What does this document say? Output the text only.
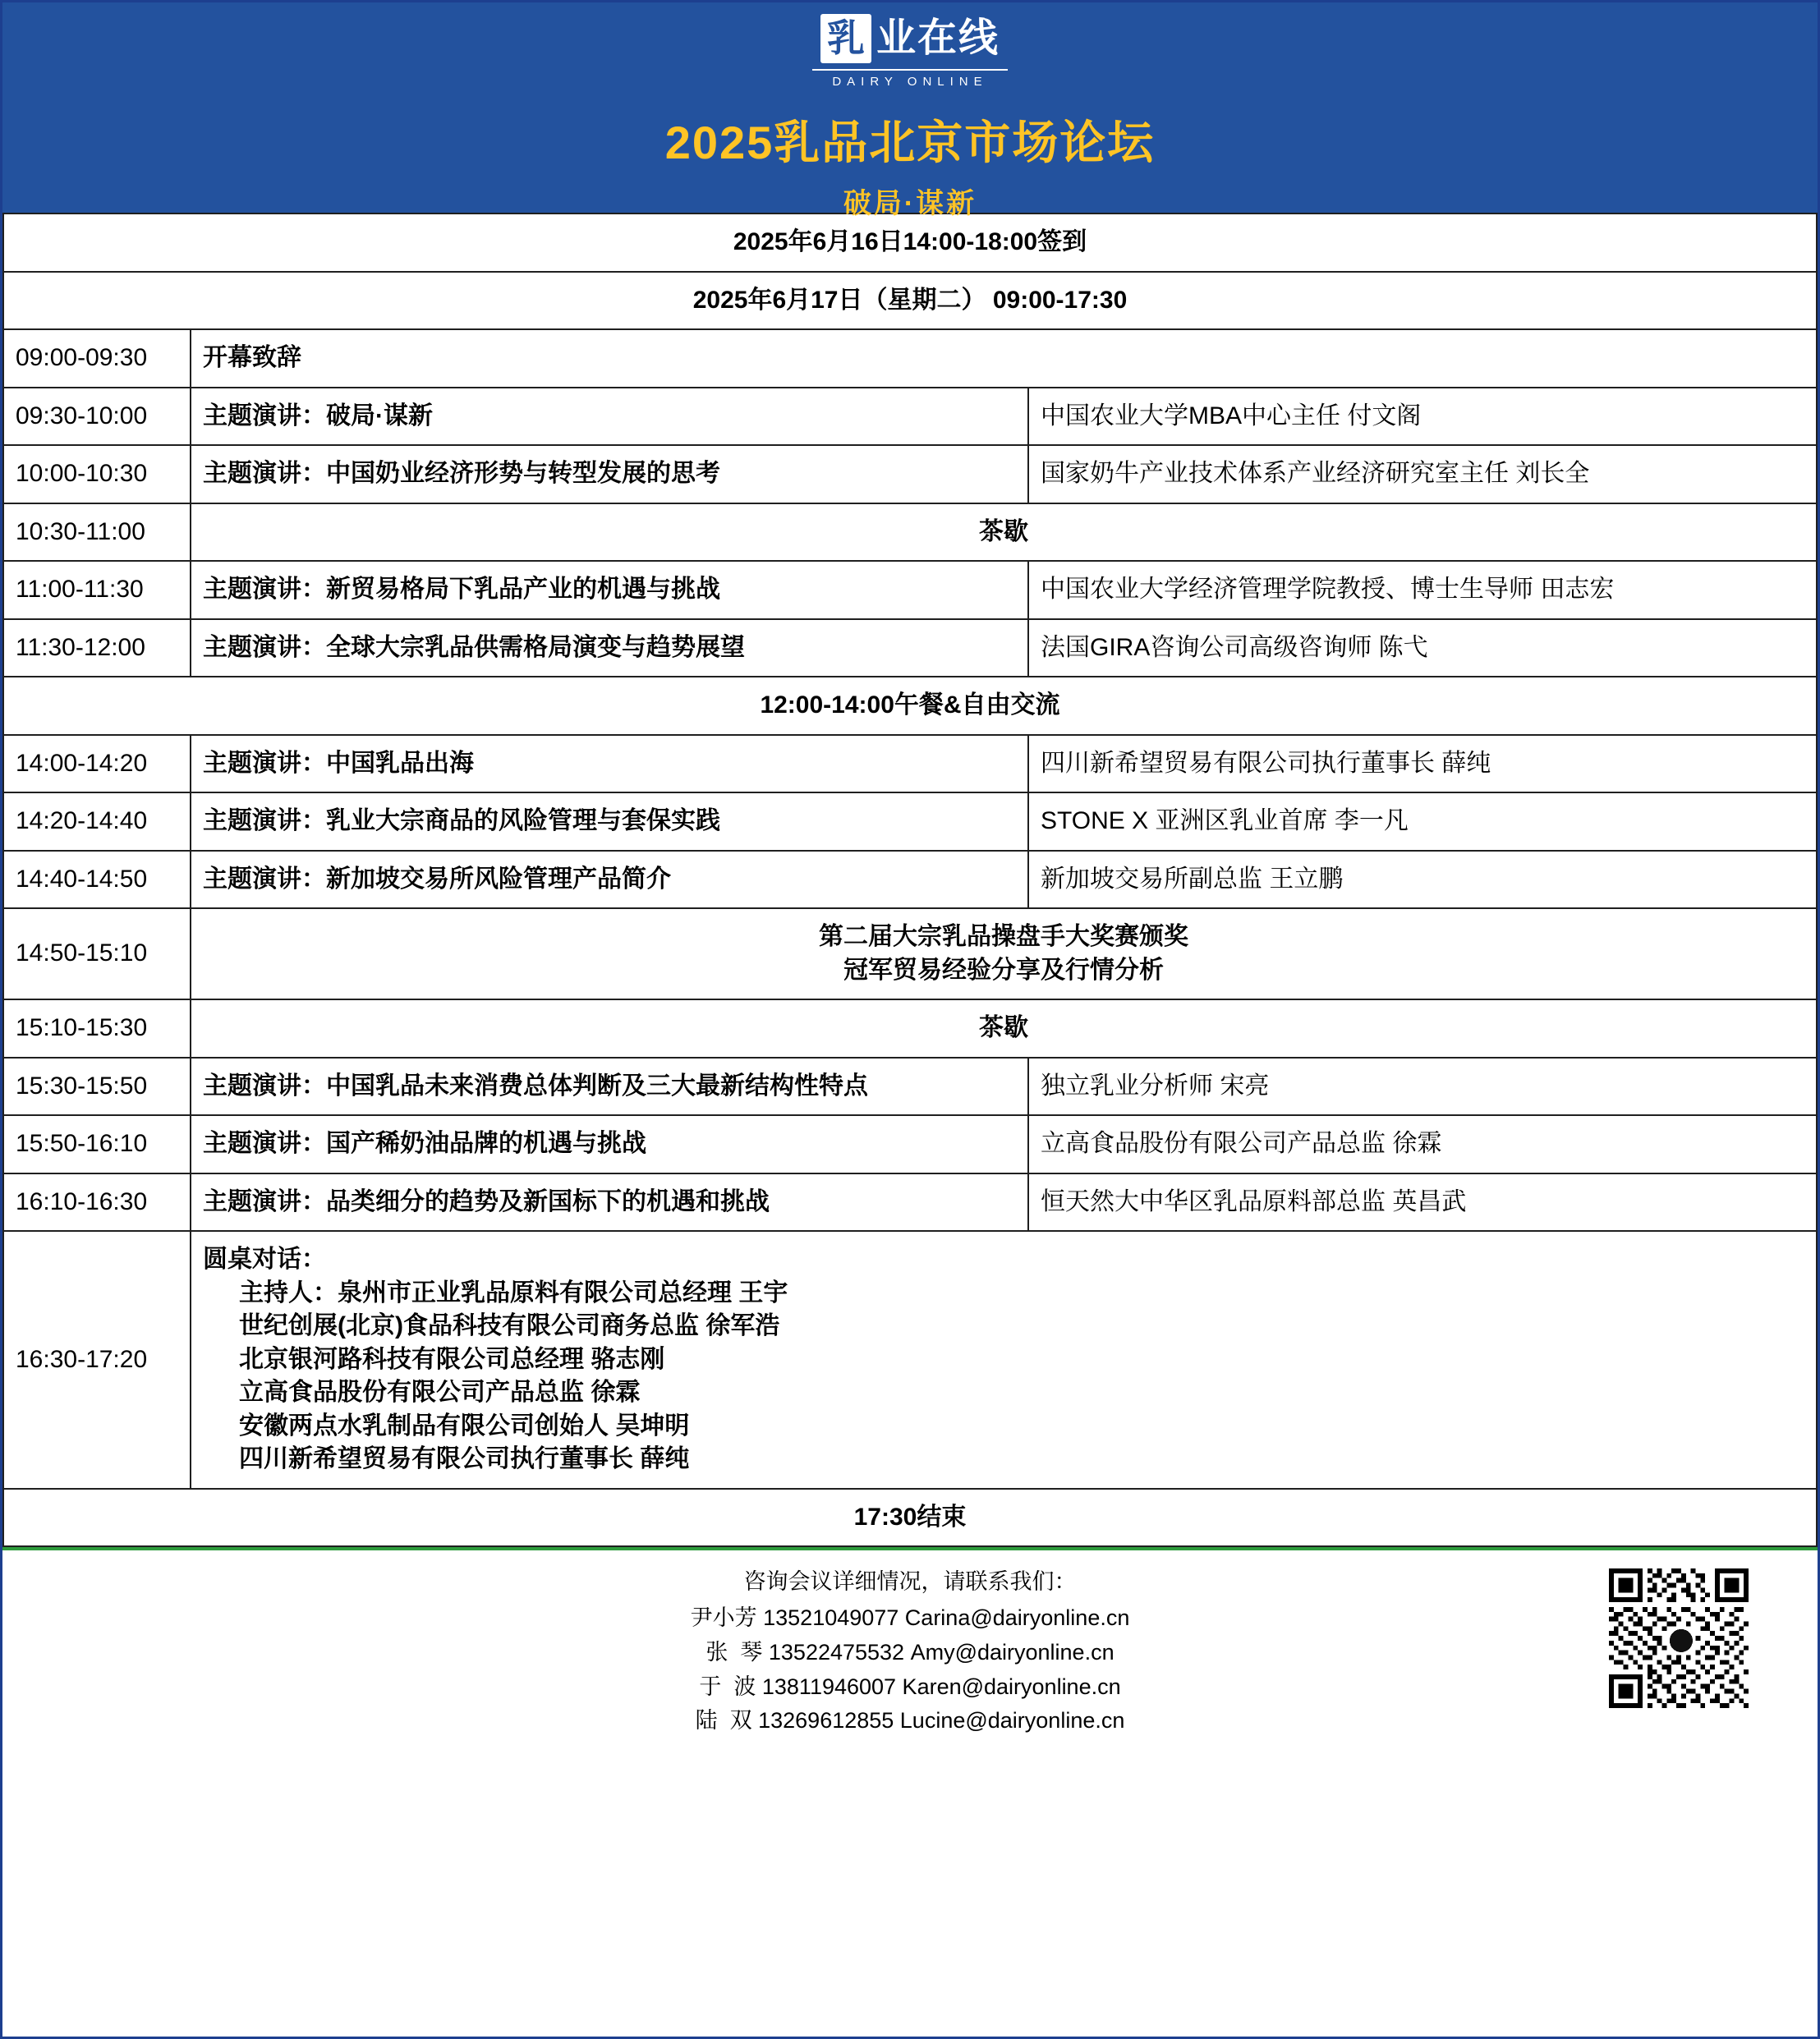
乳 业在线
DAIRY ONLINE
2025乳品北京市场论坛
破局·谋新
2025年6月16日14:00-18:00签到		
2025年6月17日（星期二） 09:00-17:30		
09:00-09:30	开幕致辞	
09:30-10:00	主题演讲：破局·谋新	中国农业大学MBA中心主任 付文阁
10:00-10:30	主题演讲：中国奶业经济形势与转型发展的思考	国家奶牛产业技术体系产业经济研究室主任 刘长全
10:30-11:00	茶歇	
11:00-11:30	主题演讲：新贸易格局下乳品产业的机遇与挑战	中国农业大学经济管理学院教授、博士生导师 田志宏
11:30-12:00	主题演讲：全球大宗乳品供需格局演变与趋势展望	法国GIRA咨询公司高级咨询师 陈弋
12:00-14:00午餐&自由交流		
14:00-14:20	主题演讲：中国乳品出海	四川新希望贸易有限公司执行董事长 薛纯
14:20-14:40	主题演讲：乳业大宗商品的风险管理与套保实践	STONE X 亚洲区乳业首席 李一凡
14:40-14:50	主题演讲：新加坡交易所风险管理产品简介	新加坡交易所副总监 王立鹏
14:50-15:10	第二届大宗乳品操盘手大奖赛颁奖
冠军贸易经验分享及行情分析	

15:10-15:30	茶歇	
15:30-15:50	主题演讲：中国乳品未来消费总体判断及三大最新结构性特点	独立乳业分析师 宋亮
15:50-16:10	主题演讲：国产稀奶油品牌的机遇与挑战	立高食品股份有限公司产品总监 徐霖
16:10-16:30	主题演讲：品类细分的趋势及新国标下的机遇和挑战	恒天然大中华区乳品原料部总监 英昌武
16:30-17:20	
圆桌对话：
主持人：泉州市正业乳品原料有限公司总经理 王宇
世纪创展(北京)食品科技有限公司商务总监 徐军浩
北京银河路科技有限公司总经理 骆志刚
立高食品股份有限公司产品总监 徐霖
安徽两点水乳制品有限公司创始人 吴坤明
四川新希望贸易有限公司执行董事长 薛纯

17:30结束		
咨询会议详细情况，请联系我们：
尹小芳 13521049077 Carina@dairyonline.cn
张  琴 13522475532 Amy@dairyonline.cn
于  波 13811946007 Karen@dairyonline.cn
陆  双 13269612855 Lucine@dairyonline.cn
